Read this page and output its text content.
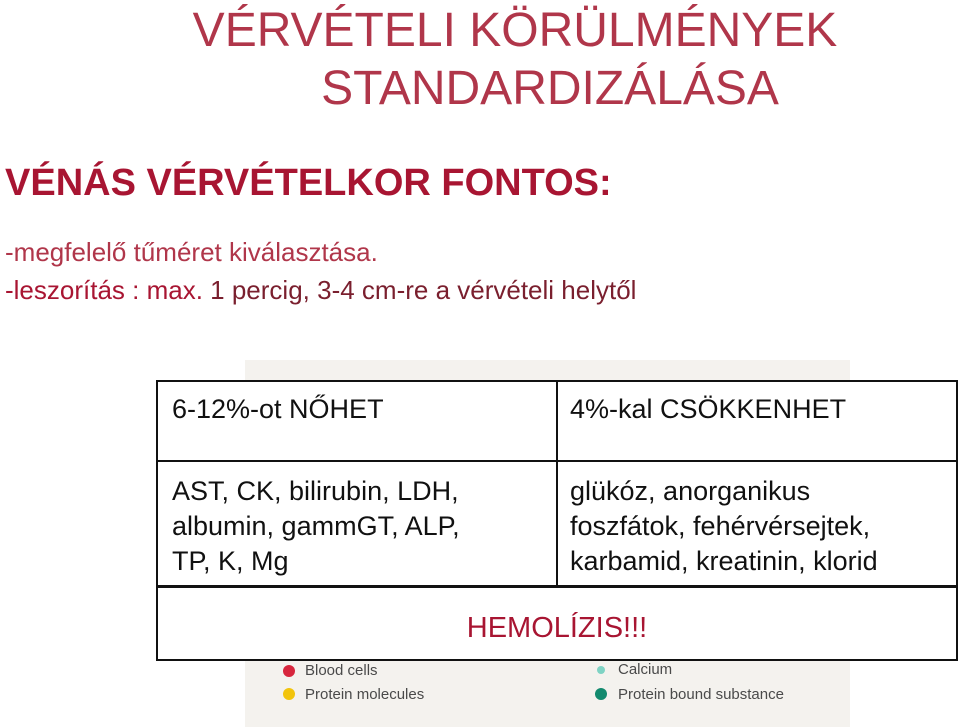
VÉRVÉTELI KÖRÜLMÉNYEK
STANDARDIZÁLÁSA
VÉNÁS VÉRVÉTELKOR FONTOS:

-megfelelő tűméret kiválasztása.

-leszorítás : max. 1 percig, 3-4 cm-re a vérvételi helytől

Blood cells
Protein molecules
Calcium
Protein bound substance

6-12%-ot NŐHET	4%-kal CSÖKKENHET

AST, CK, bilirubin, LDH,
albumin, gammGT, ALP,
TP, K, Mg
glükóz, anorganikus
foszfátok, fehérvérsejtek,
karbamid, kreatinin, klorid

HEMOLÍZIS!!!
